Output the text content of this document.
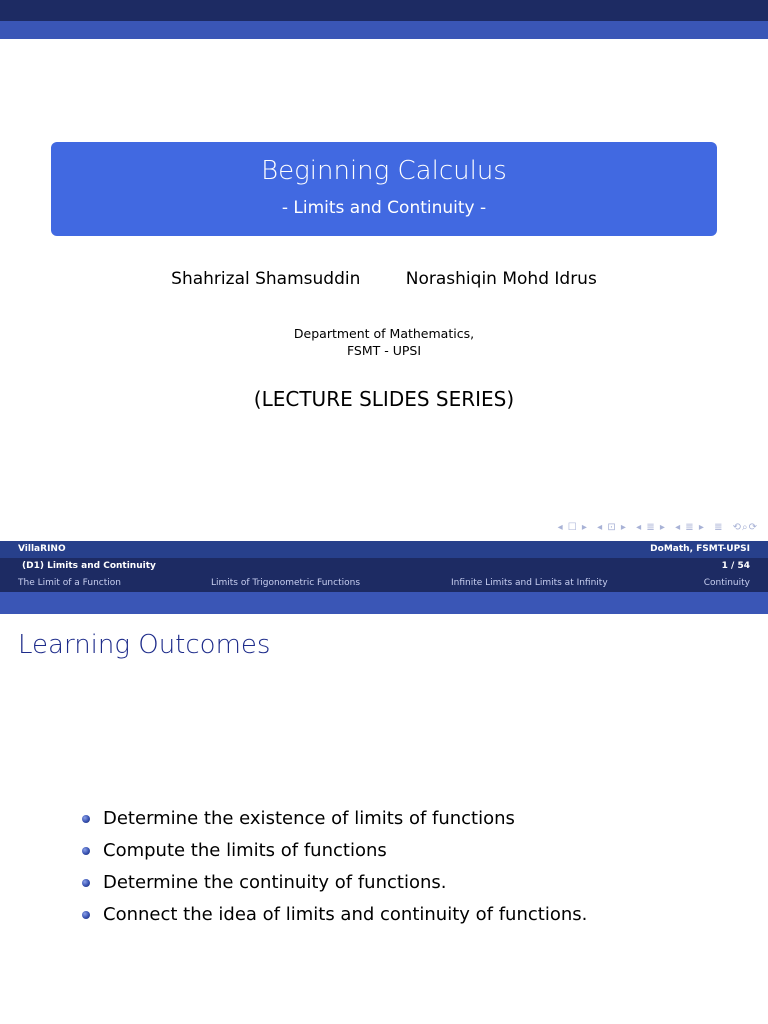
Beginning Calculus
- Limits and Continuity -
Shahrizal Shamsuddin	Norashiqin Mohd Idrus
Department of Mathematics,
FSMT - UPSI
(LECTURE SLIDES SERIES)
◂ ☐ ▸ ◂ ⊡ ▸ ◂ ≣ ▸ ◂ ≣ ▸ ≣ ⟲⌕⟳
VillaRINO	DoMath, FSMT-UPSI
(D1) Limits and Continuity	1 / 54
The Limit of a Function	Limits of Trigonometric Functions	Infinite Limits and Limits at Infinity	Continuity
Learning Outcomes
Determine the existence of limits of functions
Compute the limits of functions
Determine the continuity of functions.
Connect the idea of limits and continuity of functions.
